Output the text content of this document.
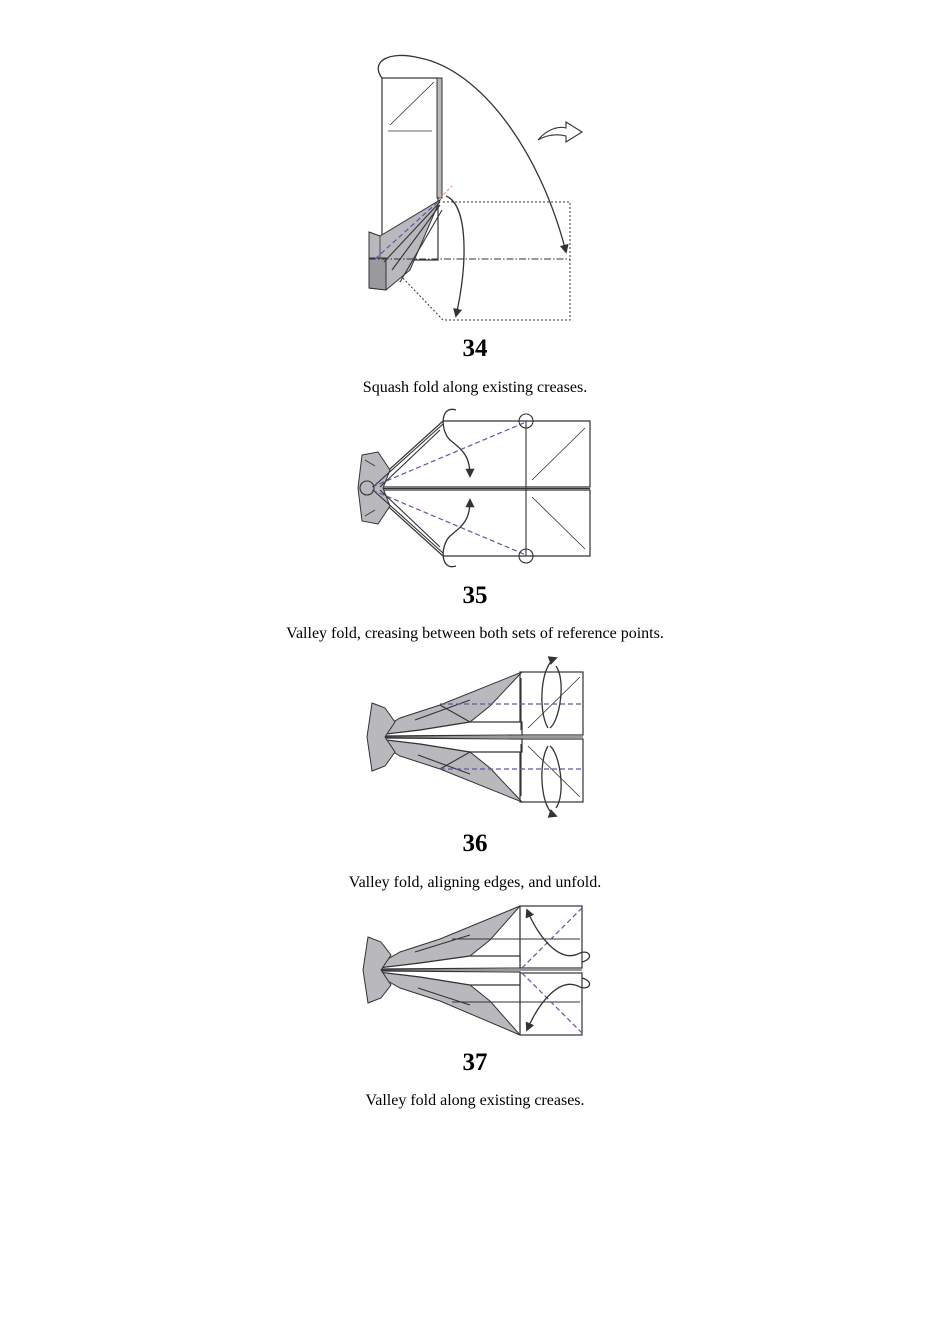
34
Squash fold along existing creases.
35
Valley fold, creasing between both sets of reference points.
36
Valley fold, aligning edges, and unfold.
37
Valley fold along existing creases.
